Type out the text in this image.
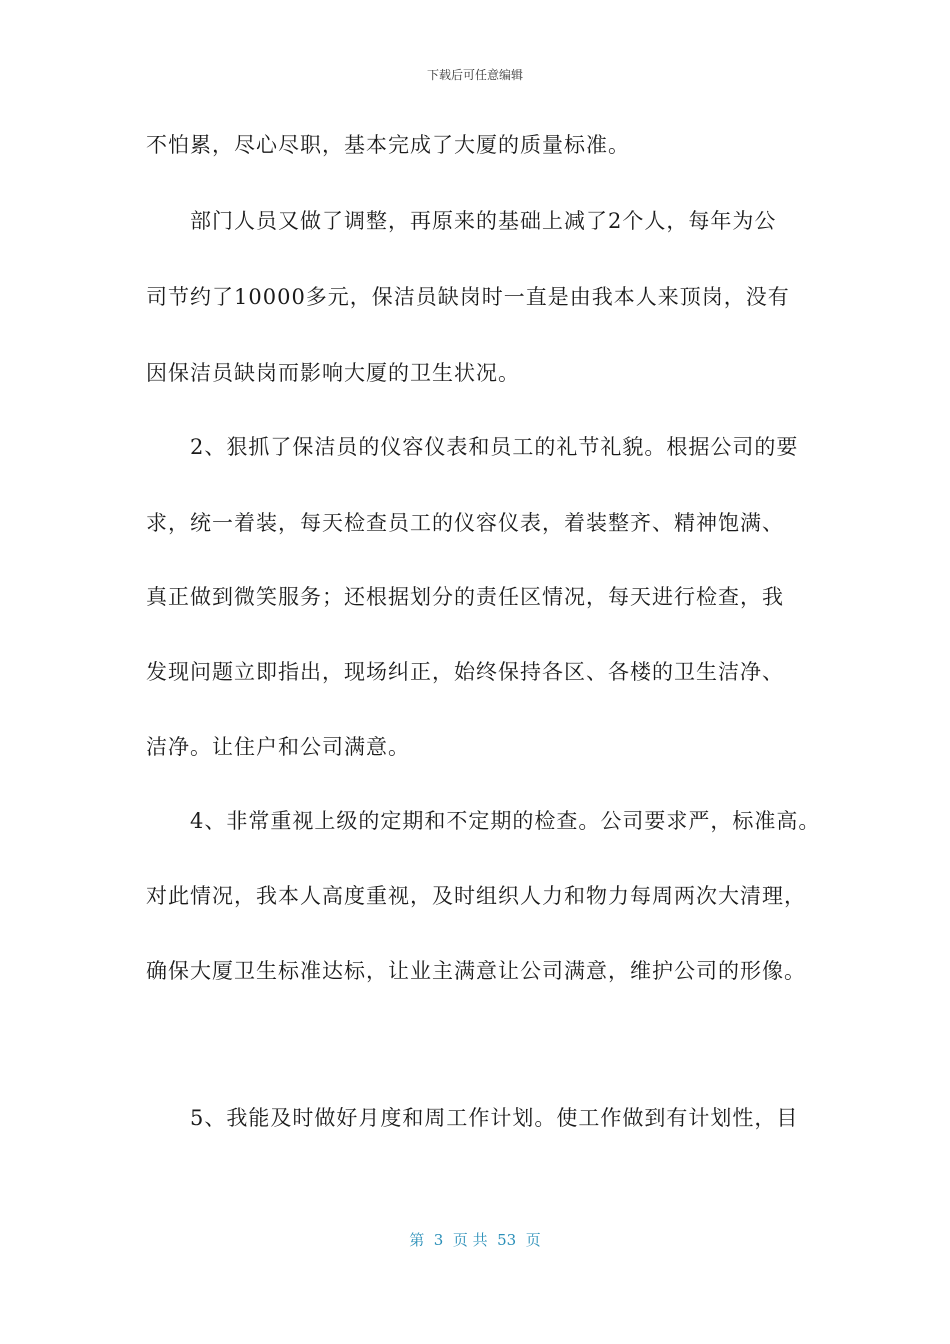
下载后可任意编辑
不怕累，尽心尽职，基本完成了大厦的质量标准。
　　部门人员又做了调整，再原来的基础上减了2个人，每年为公
司节约了10000多元，保洁员缺岗时一直是由我本人来顶岗，没有
因保洁员缺岗而影响大厦的卫生状况。
　　2、狠抓了保洁员的仪容仪表和员工的礼节礼貌。根据公司的要
求，统一着装，每天检查员工的仪容仪表，着装整齐、精神饱满、
真正做到微笑服务；还根据划分的责任区情况，每天进行检查，我
发现问题立即指出，现场纠正，始终保持各区、各楼的卫生洁净、
洁净。让住户和公司满意。
　　4、非常重视上级的定期和不定期的检查。公司要求严，标准高。
对此情况，我本人高度重视，及时组织人力和物力每周两次大清理，
确保大厦卫生标准达标，让业主满意让公司满意，维护公司的形像。
　　5、我能及时做好月度和周工作计划。使工作做到有计划性，目
第  3  页 共  53  页
